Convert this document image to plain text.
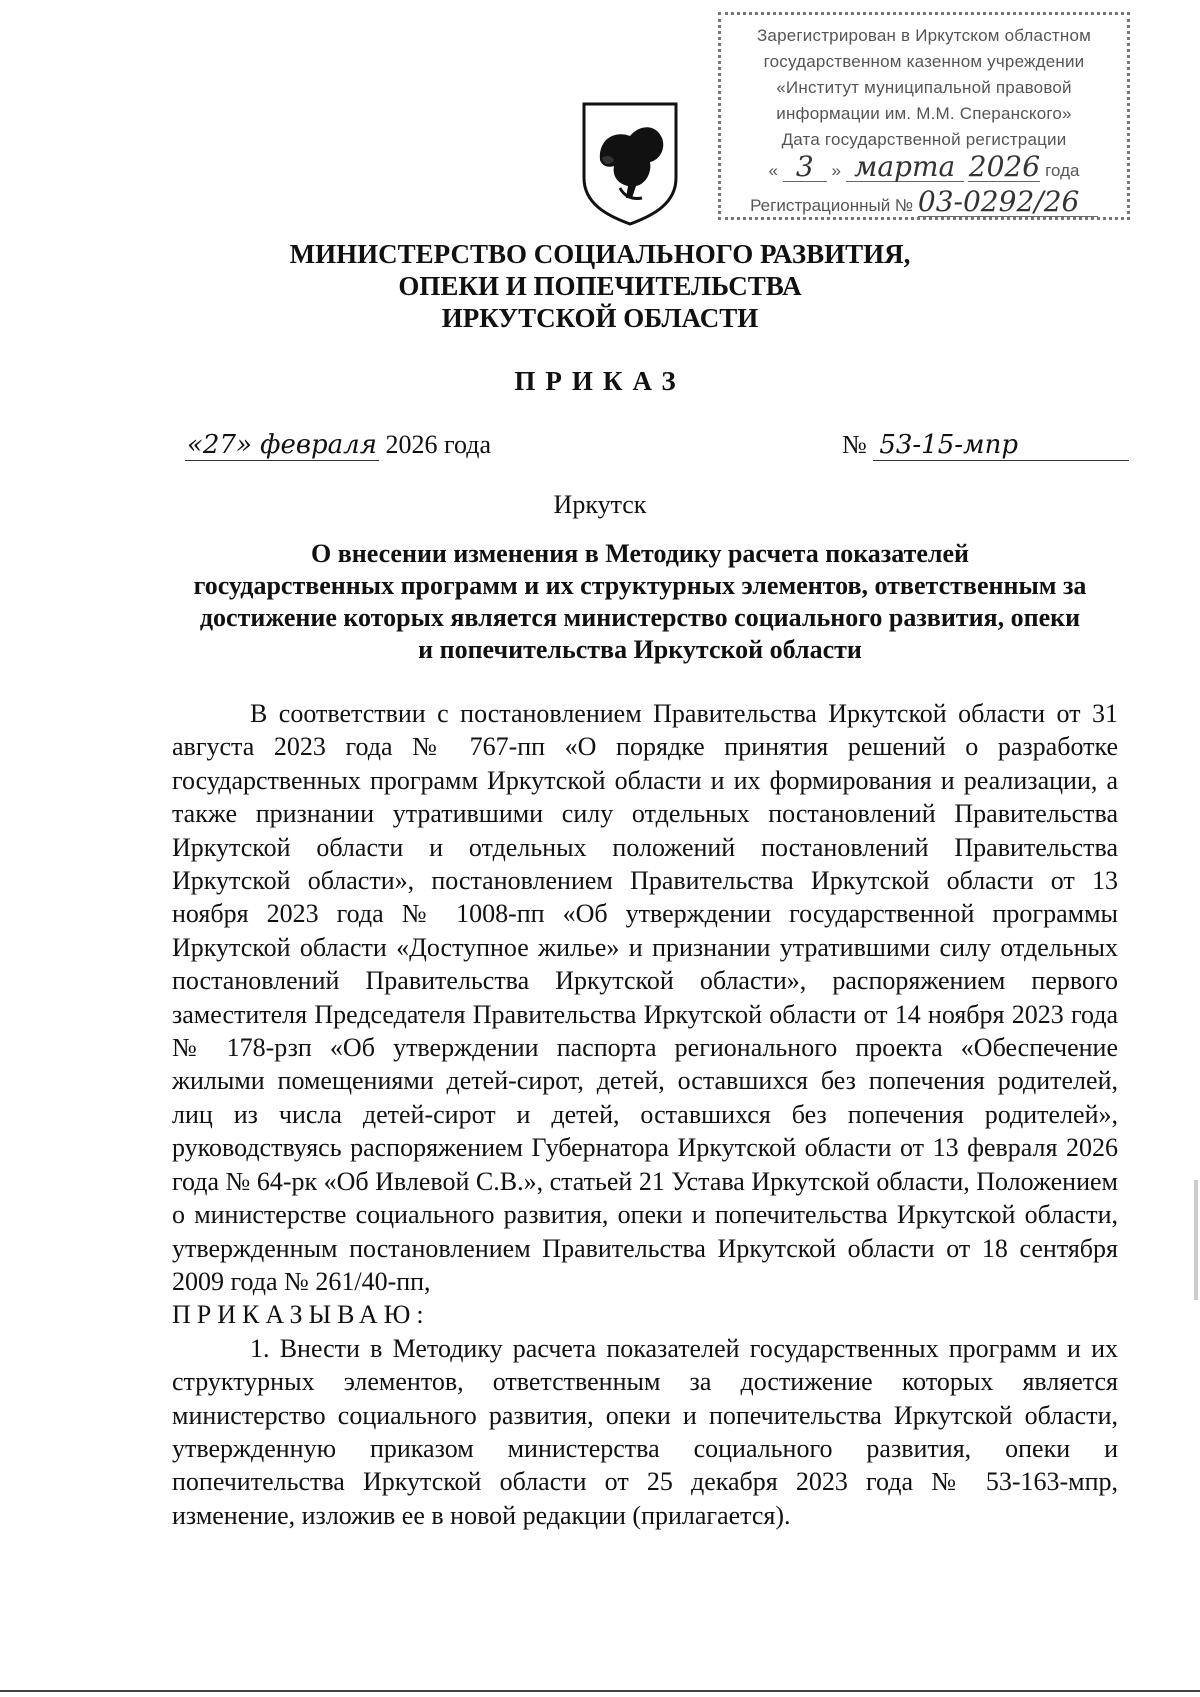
Зарегистрирован в Иркутском областном
государственном казенном учреждении
«Институт муниципальной правовой
информации им. М.М. Сперанского»
Дата государственной регистрации
« 3 » марта 2026 года
Регистрационный № 03-0292/26
МИНИСТЕРСТВО СОЦИАЛЬНОГО РАЗВИТИЯ,
ОПЕКИ И ПОПЕЧИТЕЛЬСТВА
ИРКУТСКОЙ ОБЛАСТИ
ПРИКАЗ
«27» февраля 2026 года	№ 53-15-мпр
Иркутск
О внесении изменения в Методику расчета показателей
государственных программ и их структурных элементов, ответственным за
достижение которых является министерство социального развития, опеки
и попечительства Иркутской области

В соответствии с постановлением Правительства Иркутской области от 31 августа 2023 года № 767-пп «О порядке принятия решений о разработке государственных программ Иркутской области и их формирования и реализации, а также признании утратившими силу отдельных постановлений Правительства Иркутской области и отдельных положений постановлений Правительства Иркутской области», постановлением Правительства Иркутской области от 13 ноября 2023 года № 1008-пп «Об утверждении государственной программы Иркутской области «Доступное жилье» и признании утратившими силу отдельных постановлений Правительства Иркутской области», распоряжением первого заместителя Председателя Правительства Иркутской области от 14 ноября 2023 года № 178-рзп «Об утверждении паспорта регионального проекта «Обеспечение жилыми помещениями детей-сирот, детей, оставшихся без попечения родителей, лиц из числа детей-сирот и детей, оставшихся без попечения родителей», руководствуясь распоряжением Губернатора Иркутской области от 13 февраля 2026 года № 64-рк «Об Ивлевой С.В.», статьей 21 Устава Иркутской области, Положением о министерстве социального развития, опеки и попечительства Иркутской области, утвержденным постановлением Правительства Иркутской области от 18 сентября 2009 года № 261/40-пп,

ПРИКАЗЫВАЮ:

1. Внести в Методику расчета показателей государственных программ и их структурных элементов, ответственным за достижение которых является министерство социального развития, опеки и попечительства Иркутской области, утвержденную приказом министерства социального развития, опеки и попечительства Иркутской области от 25 декабря 2023 года № 53-163-мпр, изменение, изложив ее в новой редакции (прилагается).
